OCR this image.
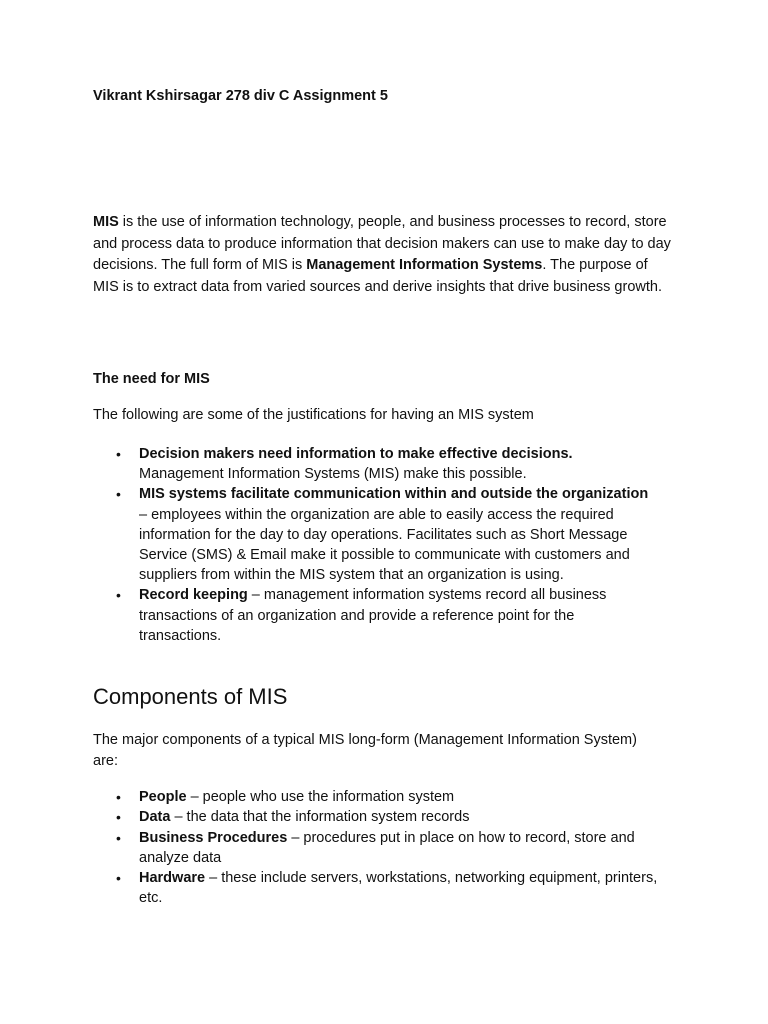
Vikrant Kshirsagar 278 div C Assignment 5

MIS is the use of information technology, people, and business processes to record, store and process data to produce information that decision makers can use to make day to day decisions. The full form of MIS is Management Information Systems. The purpose of MIS is to extract data from varied sources and derive insights that drive business growth.

The need for MIS
The following are some of the justifications for having an MIS system
• Decision makers need information to make effective decisions. Management Information Systems (MIS) make this possible.
• MIS systems facilitate communication within and outside the organization – employees within the organization are able to easily access the required information for the day to day operations. Facilitates such as Short Message Service (SMS) & Email make it possible to communicate with customers and suppliers from within the MIS system that an organization is using.
• Record keeping – management information systems record all business transactions of an organization and provide a reference point for the transactions.
Components of MIS

The major components of a typical MIS long-form (Management Information System) are:

• People – people who use the information system
• Data – the data that the information system records
• Business Procedures – procedures put in place on how to record, store and analyze data
• Hardware – these include servers, workstations, networking equipment, printers, etc.
